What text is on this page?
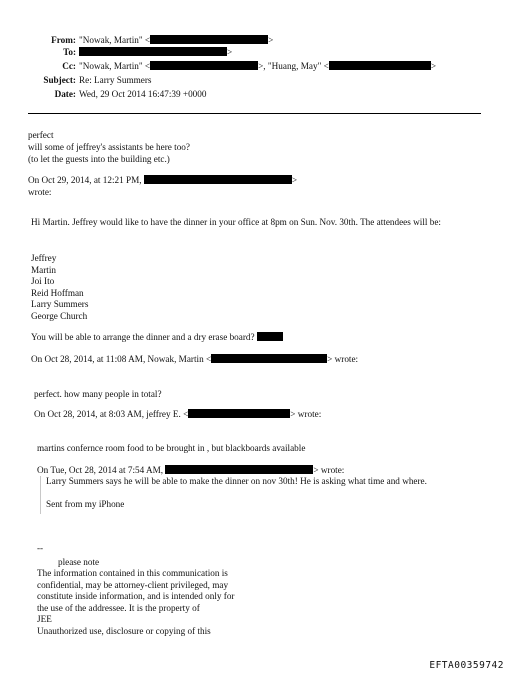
From: "Nowak, Martin" <	>
To:	>
Cc: "Nowak, Martin" <	>, "Huang, May" <	>
Subject: Re: Larry Summers
Date: Wed, 29 Oct 2014 16:47:39 +0000
perfect
will some of jeffrey's assistants be here too?
(to let the guests into the building etc.)
On Oct 29, 2014, at 12:21 PM,	>
wrote:
Hi Martin. Jeffrey would like to have the dinner in your office at 8pm on Sun. Nov. 30th. The attendees will be:
Jeffrey
Martin
Joi Ito
Reid Hoffman
Larry Summers
George Church
You will be able to arrange the dinner and a dry erase board?
On Oct 28, 2014, at 11:08 AM, Nowak, Martin <	> wrote:
perfect. how many people in total?
On Oct 28, 2014, at 8:03 AM, jeffrey E. <	> wrote:
martins confernce room food to be brought in , but blackboards available
On Tue, Oct 28, 2014 at 7:54 AM,	> wrote:
Larry Summers says he will be able to make the dinner on nov 30th! He is asking what time and where.
Sent from my iPhone
--
please note
The information contained in this communication is
confidential, may be attorney-client privileged, may
constitute inside information, and is intended only for
the use of the addressee. It is the property of
JEE
Unauthorized use, disclosure or copying of this
EFTA00359742
